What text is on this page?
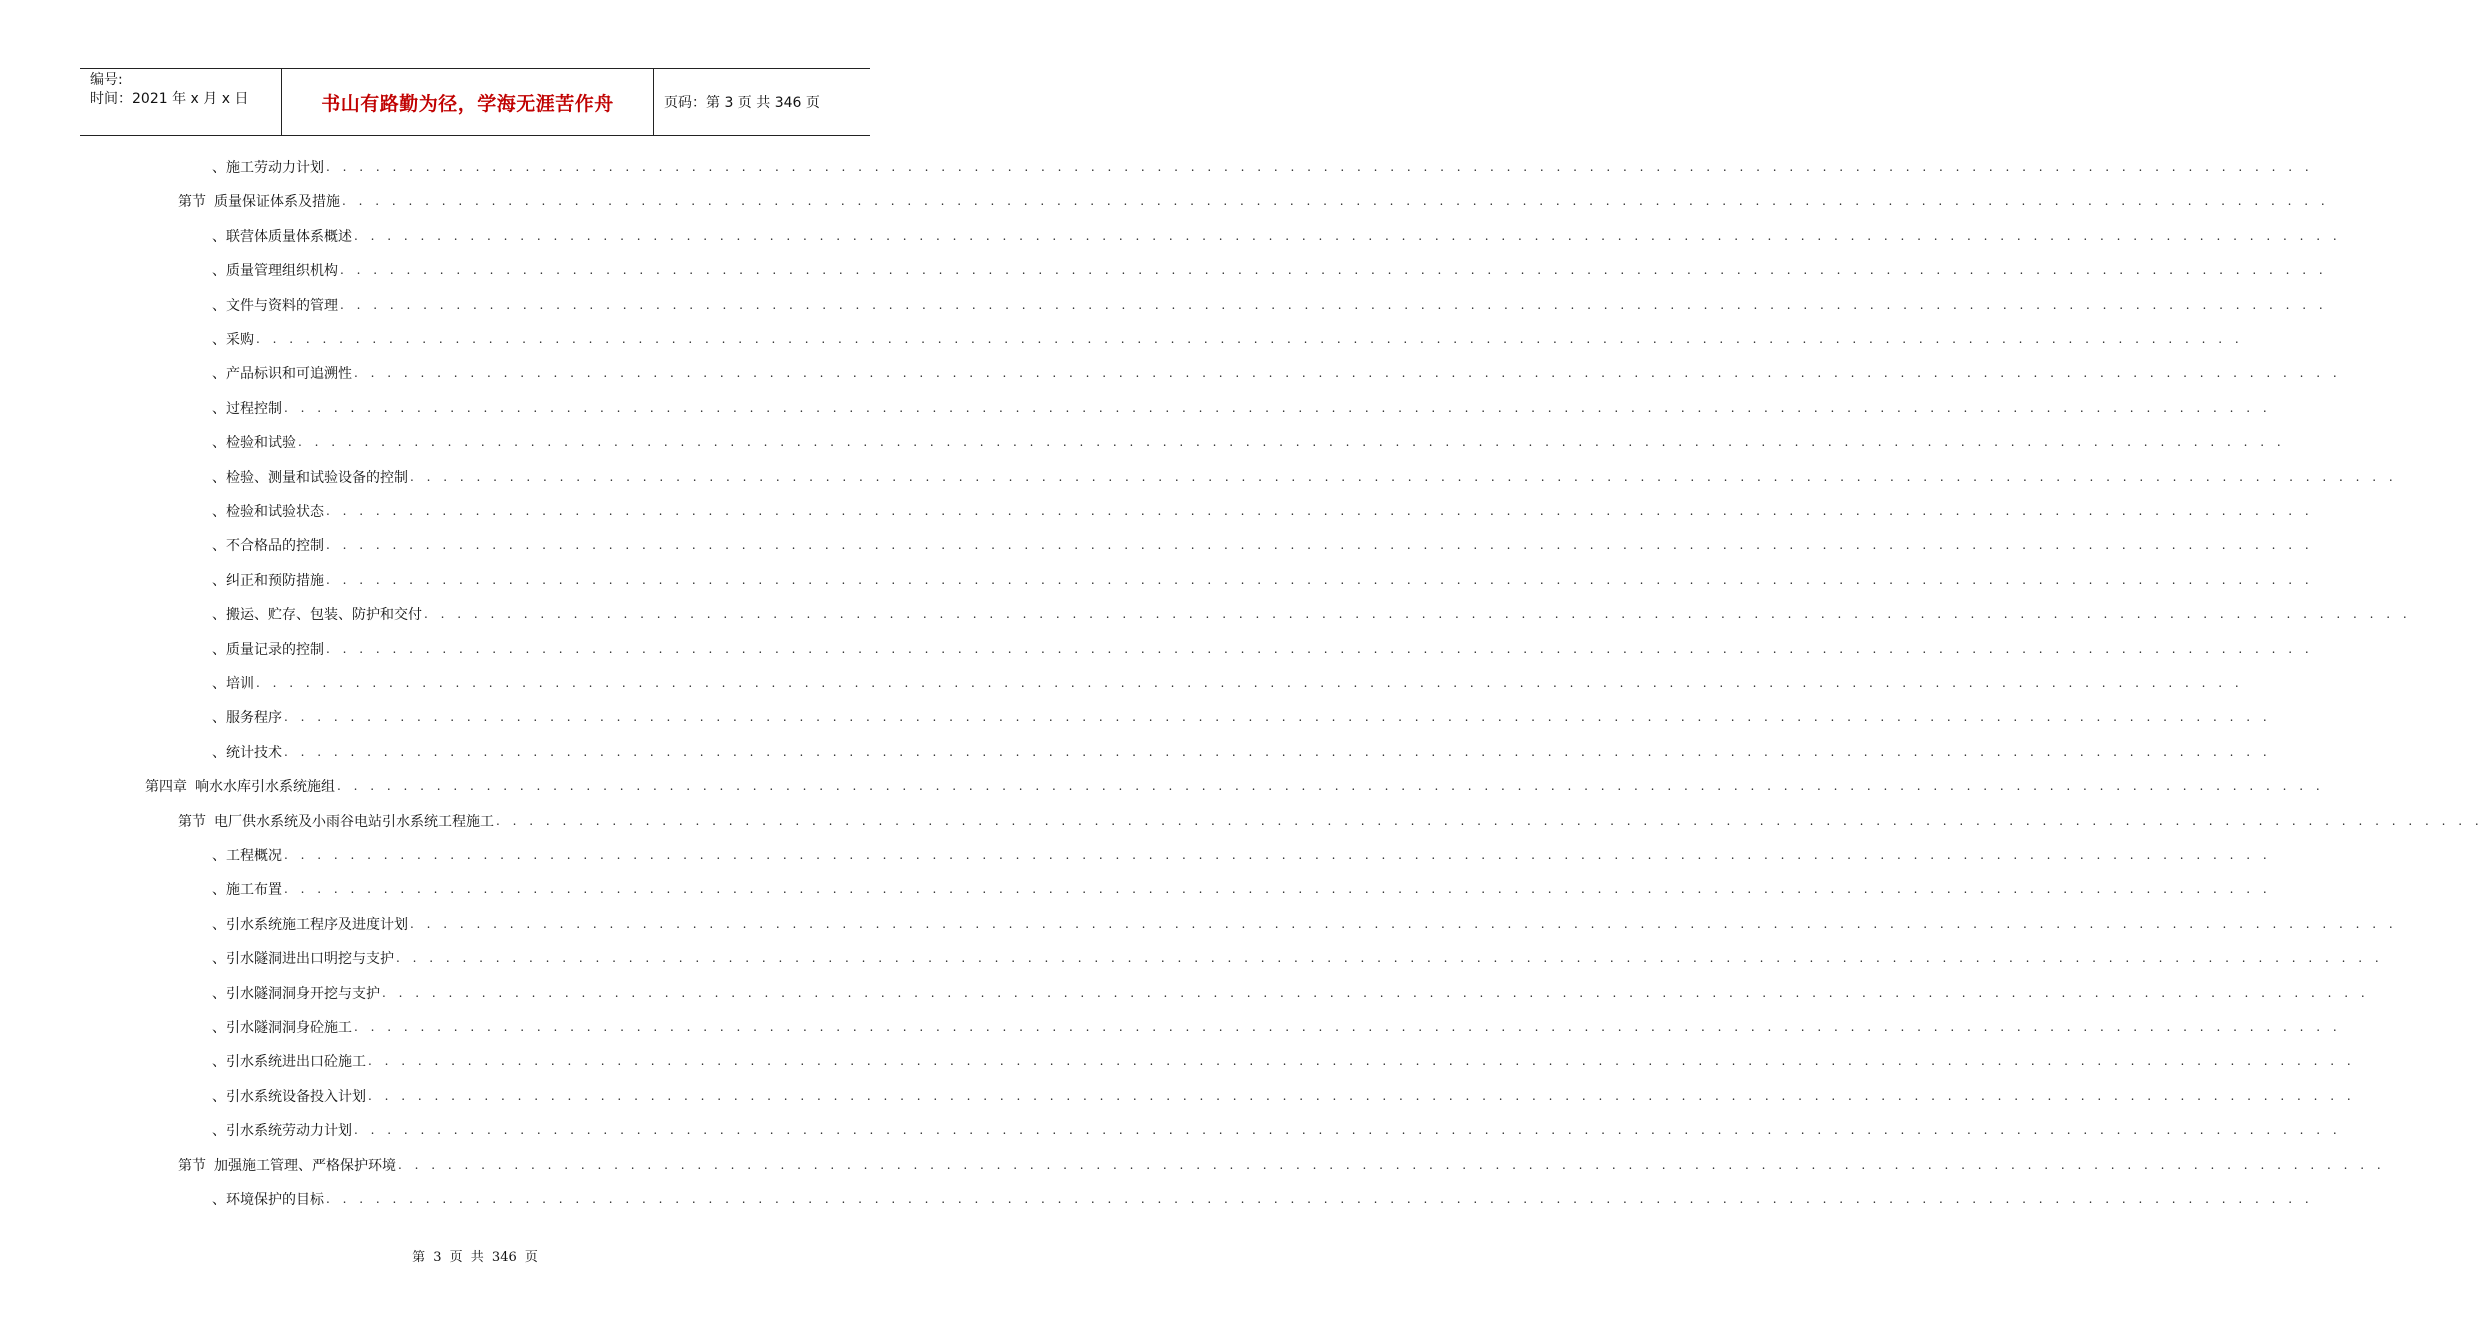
编号:
时间：2021 年 x 月 x 日	书山有路勤为径，学海无涯苦作舟	页码：第 3 页 共 346 页
、 施工劳动力计划 . . . . . . . . . . . . . . . . . . . . . . . . . . . . . . . . . . . . . . . . . . . . . . . . . . . . . . . . . . . . . . . . . . . . . . . . . . . . . . . . . . . . . . . . . . . . . . . . . . . . . . . . . . . . . . . . . . . . . . . .
第节 质量保证体系及措施 . . . . . . . . . . . . . . . . . . . . . . . . . . . . . . . . . . . . . . . . . . . . . . . . . . . . . . . . . . . . . . . . . . . . . . . . . . . . . . . . . . . . . . . . . . . . . . . . . . . . . . . . . . . . . . . . . . . . . . . .
、 联营体质量体系概述 . . . . . . . . . . . . . . . . . . . . . . . . . . . . . . . . . . . . . . . . . . . . . . . . . . . . . . . . . . . . . . . . . . . . . . . . . . . . . . . . . . . . . . . . . . . . . . . . . . . . . . . . . . . . . . . . . . . . . . . .
、 质量管理组织机构 . . . . . . . . . . . . . . . . . . . . . . . . . . . . . . . . . . . . . . . . . . . . . . . . . . . . . . . . . . . . . . . . . . . . . . . . . . . . . . . . . . . . . . . . . . . . . . . . . . . . . . . . . . . . . . . . . . . . . . . .
、 文件与资料的管理 . . . . . . . . . . . . . . . . . . . . . . . . . . . . . . . . . . . . . . . . . . . . . . . . . . . . . . . . . . . . . . . . . . . . . . . . . . . . . . . . . . . . . . . . . . . . . . . . . . . . . . . . . . . . . . . . . . . . . . . .
、 采购 . . . . . . . . . . . . . . . . . . . . . . . . . . . . . . . . . . . . . . . . . . . . . . . . . . . . . . . . . . . . . . . . . . . . . . . . . . . . . . . . . . . . . . . . . . . . . . . . . . . . . . . . . . . . . . . . . . . . . . . .
、 产品标识和可追溯性 . . . . . . . . . . . . . . . . . . . . . . . . . . . . . . . . . . . . . . . . . . . . . . . . . . . . . . . . . . . . . . . . . . . . . . . . . . . . . . . . . . . . . . . . . . . . . . . . . . . . . . . . . . . . . . . . . . . . . . . .
、 过程控制 . . . . . . . . . . . . . . . . . . . . . . . . . . . . . . . . . . . . . . . . . . . . . . . . . . . . . . . . . . . . . . . . . . . . . . . . . . . . . . . . . . . . . . . . . . . . . . . . . . . . . . . . . . . . . . . . . . . . . . . .
、 检验和试验 . . . . . . . . . . . . . . . . . . . . . . . . . . . . . . . . . . . . . . . . . . . . . . . . . . . . . . . . . . . . . . . . . . . . . . . . . . . . . . . . . . . . . . . . . . . . . . . . . . . . . . . . . . . . . . . . . . . . . . . .
、 检验、测量和试验设备的控制 . . . . . . . . . . . . . . . . . . . . . . . . . . . . . . . . . . . . . . . . . . . . . . . . . . . . . . . . . . . . . . . . . . . . . . . . . . . . . . . . . . . . . . . . . . . . . . . . . . . . . . . . . . . . . . . . . . . . . . . .
、 检验和试验状态 . . . . . . . . . . . . . . . . . . . . . . . . . . . . . . . . . . . . . . . . . . . . . . . . . . . . . . . . . . . . . . . . . . . . . . . . . . . . . . . . . . . . . . . . . . . . . . . . . . . . . . . . . . . . . . . . . . . . . . . .
、 不合格品的控制 . . . . . . . . . . . . . . . . . . . . . . . . . . . . . . . . . . . . . . . . . . . . . . . . . . . . . . . . . . . . . . . . . . . . . . . . . . . . . . . . . . . . . . . . . . . . . . . . . . . . . . . . . . . . . . . . . . . . . . . .
、 纠正和预防措施 . . . . . . . . . . . . . . . . . . . . . . . . . . . . . . . . . . . . . . . . . . . . . . . . . . . . . . . . . . . . . . . . . . . . . . . . . . . . . . . . . . . . . . . . . . . . . . . . . . . . . . . . . . . . . . . . . . . . . . . .
、 搬运、贮存、包装、防护和交付 . . . . . . . . . . . . . . . . . . . . . . . . . . . . . . . . . . . . . . . . . . . . . . . . . . . . . . . . . . . . . . . . . . . . . . . . . . . . . . . . . . . . . . . . . . . . . . . . . . . . . . . . . . . . . . . . . . . . . . . .
、 质量记录的控制 . . . . . . . . . . . . . . . . . . . . . . . . . . . . . . . . . . . . . . . . . . . . . . . . . . . . . . . . . . . . . . . . . . . . . . . . . . . . . . . . . . . . . . . . . . . . . . . . . . . . . . . . . . . . . . . . . . . . . . . .
、 培训 . . . . . . . . . . . . . . . . . . . . . . . . . . . . . . . . . . . . . . . . . . . . . . . . . . . . . . . . . . . . . . . . . . . . . . . . . . . . . . . . . . . . . . . . . . . . . . . . . . . . . . . . . . . . . . . . . . . . . . . .
、 服务程序 . . . . . . . . . . . . . . . . . . . . . . . . . . . . . . . . . . . . . . . . . . . . . . . . . . . . . . . . . . . . . . . . . . . . . . . . . . . . . . . . . . . . . . . . . . . . . . . . . . . . . . . . . . . . . . . . . . . . . . . .
、 统计技术 . . . . . . . . . . . . . . . . . . . . . . . . . . . . . . . . . . . . . . . . . . . . . . . . . . . . . . . . . . . . . . . . . . . . . . . . . . . . . . . . . . . . . . . . . . . . . . . . . . . . . . . . . . . . . . . . . . . . . . . .
第四章 响水水库引水系统施组 . . . . . . . . . . . . . . . . . . . . . . . . . . . . . . . . . . . . . . . . . . . . . . . . . . . . . . . . . . . . . . . . . . . . . . . . . . . . . . . . . . . . . . . . . . . . . . . . . . . . . . . . . . . . . . . . . . . . . . . .
第节 电厂供水系统及小雨谷电站引水系统工程施工 . . . . . . . . . . . . . . . . . . . . . . . . . . . . . . . . . . . . . . . . . . . . . . . . . . . . . . . . . . . . . . . . . . . . . . . . . . . . . . . . . . . . . . . . . . . . . . . . . . . . . . . . . . . . . . . . . . . . . . . .
、 工程概况 . . . . . . . . . . . . . . . . . . . . . . . . . . . . . . . . . . . . . . . . . . . . . . . . . . . . . . . . . . . . . . . . . . . . . . . . . . . . . . . . . . . . . . . . . . . . . . . . . . . . . . . . . . . . . . . . . . . . . . . .
、 施工布置 . . . . . . . . . . . . . . . . . . . . . . . . . . . . . . . . . . . . . . . . . . . . . . . . . . . . . . . . . . . . . . . . . . . . . . . . . . . . . . . . . . . . . . . . . . . . . . . . . . . . . . . . . . . . . . . . . . . . . . . .
、 引水系统施工程序及进度计划 . . . . . . . . . . . . . . . . . . . . . . . . . . . . . . . . . . . . . . . . . . . . . . . . . . . . . . . . . . . . . . . . . . . . . . . . . . . . . . . . . . . . . . . . . . . . . . . . . . . . . . . . . . . . . . . . . . . . . . . .
、 引水隧洞进出口明挖与支护 . . . . . . . . . . . . . . . . . . . . . . . . . . . . . . . . . . . . . . . . . . . . . . . . . . . . . . . . . . . . . . . . . . . . . . . . . . . . . . . . . . . . . . . . . . . . . . . . . . . . . . . . . . . . . . . . . . . . . . . .
、 引水隧洞洞身开挖与支护 . . . . . . . . . . . . . . . . . . . . . . . . . . . . . . . . . . . . . . . . . . . . . . . . . . . . . . . . . . . . . . . . . . . . . . . . . . . . . . . . . . . . . . . . . . . . . . . . . . . . . . . . . . . . . . . . . . . . . . . .
、 引水隧洞洞身砼施工 . . . . . . . . . . . . . . . . . . . . . . . . . . . . . . . . . . . . . . . . . . . . . . . . . . . . . . . . . . . . . . . . . . . . . . . . . . . . . . . . . . . . . . . . . . . . . . . . . . . . . . . . . . . . . . . . . . . . . . . .
、 引水系统进出口砼施工 . . . . . . . . . . . . . . . . . . . . . . . . . . . . . . . . . . . . . . . . . . . . . . . . . . . . . . . . . . . . . . . . . . . . . . . . . . . . . . . . . . . . . . . . . . . . . . . . . . . . . . . . . . . . . . . . . . . . . . . .
、 引水系统设备投入计划 . . . . . . . . . . . . . . . . . . . . . . . . . . . . . . . . . . . . . . . . . . . . . . . . . . . . . . . . . . . . . . . . . . . . . . . . . . . . . . . . . . . . . . . . . . . . . . . . . . . . . . . . . . . . . . . . . . . . . . . .
、 引水系统劳动力计划 . . . . . . . . . . . . . . . . . . . . . . . . . . . . . . . . . . . . . . . . . . . . . . . . . . . . . . . . . . . . . . . . . . . . . . . . . . . . . . . . . . . . . . . . . . . . . . . . . . . . . . . . . . . . . . . . . . . . . . . .
第节 加强施工管理、严格保护环境 . . . . . . . . . . . . . . . . . . . . . . . . . . . . . . . . . . . . . . . . . . . . . . . . . . . . . . . . . . . . . . . . . . . . . . . . . . . . . . . . . . . . . . . . . . . . . . . . . . . . . . . . . . . . . . . . . . . . . . . .
、 环境保护的目标 . . . . . . . . . . . . . . . . . . . . . . . . . . . . . . . . . . . . . . . . . . . . . . . . . . . . . . . . . . . . . . . . . . . . . . . . . . . . . . . . . . . . . . . . . . . . . . . . . . . . . . . . . . . . . . . . . . . . . . . .
第 3 页 共 346 页
